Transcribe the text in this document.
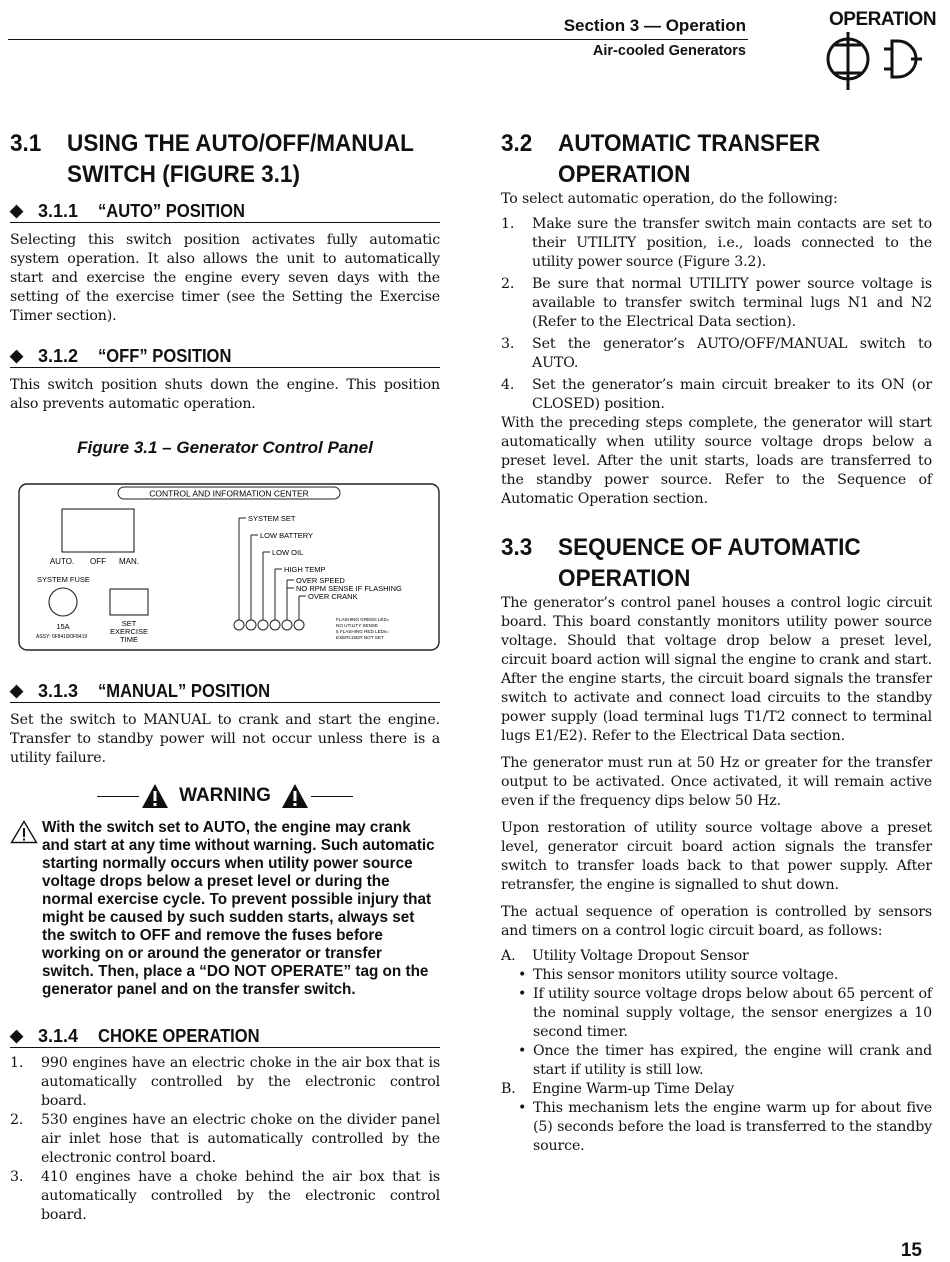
Section 3 — Operation
Air-cooled Generators
OPERATION
3.1	USING THE AUTO/OFF/MANUAL
SWITCH (FIGURE 3.1)
◆ 3.1.1	“AUTO” POSITION

Selecting this switch position activates fully automatic system operation. It also allows the unit to automatically start and exercise the engine every seven days with the setting of the exercise timer (see the Setting the Exercise Timer section).

◆ 3.1.2	“OFF” POSITION

This switch position shuts down the engine. This position also prevents automatic operation.

Figure 3.1 – Generator Control Panel
CONTROL AND INFORMATION CENTER
AUTO. OFF MAN.
SYSTEM FUSE
15A
ASSY: 0F8418/0F8419
SET
EXERCISE
TIME
SYSTEM SET
LOW BATTERY
LOW OIL
HIGH TEMP
OVER SPEED
NO RPM SENSE IF FLASHING
OVER CRANK
FLASHING GREEN LED=
NO UTILITY SENSE
5 FLASHING RED LEDs=
EXERCISER NOT SET
◆ 3.1.3	“MANUAL” POSITION

Set the switch to MANUAL to crank and start the engine. Transfer to standby power will not occur unless there is a utility failure.

WARNING
With the switch set to AUTO, the engine may crank and start at any time without warning. Such automatic starting normally occurs when utility power source voltage drops below a preset level or during the normal exercise cycle. To prevent possible injury that might be caused by such sudden starts, always set the switch to OFF and remove the fuses before working on or around the generator or transfer switch. Then, place a “DO NOT OPERATE” tag on the generator panel and on the transfer switch.
◆ 3.1.4	CHOKE OPERATION
1.	990 engines have an electric choke in the air box that is automatically controlled by the electronic control board.
2.	530 engines have an electric choke on the divider panel air inlet hose that is automatically controlled by the electronic control board.
3.	410 engines have a choke behind the air box that is automatically controlled by the electronic control board.
3.2	AUTOMATIC TRANSFER
OPERATION

To select automatic operation, do the following:

1.	Make sure the transfer switch main contacts are set to their UTILITY position, i.e., loads connected to the utility power source (Figure 3.2).
2.	Be sure that normal UTILITY power source voltage is available to transfer switch terminal lugs N1 and N2 (Refer to the Electrical Data section).
3.	Set the generator’s AUTO/OFF/MANUAL switch to AUTO.
4.	Set the generator’s main circuit breaker to its ON (or CLOSED) position.

With the preceding steps complete, the generator will start automatically when utility source voltage drops below a preset level. After the unit starts, loads are transferred to the standby power source. Refer to the Sequence of Automatic Operation section.

3.3	SEQUENCE OF AUTOMATIC
OPERATION

The generator’s control panel houses a control logic circuit board. This board constantly monitors utility power source voltage. Should that voltage drop below a preset level, circuit board action will signal the engine to crank and start. After the engine starts, the circuit board signals the transfer switch to activate and connect load circuits to the standby power supply (load terminal lugs T1/T2 connect to terminal lugs E1/E2). Refer to the Electrical Data section.

The generator must run at 50 Hz or greater for the transfer output to be activated. Once activated, it will remain active even if the frequency dips below 50 Hz.

Upon restoration of utility source voltage above a preset level, generator circuit board action signals the transfer switch to transfer loads back to that power supply. After retransfer, the engine is signalled to shut down.

The actual sequence of operation is controlled by sensors and timers on a control logic circuit board, as follows:

A.	Utility Voltage Dropout Sensor
• This sensor monitors utility source voltage.
• If utility source voltage drops below about 65 percent of the nominal supply voltage, the sensor energizes a 10 second timer.
• Once the timer has expired, the engine will crank and start if utility is still low.
B.	Engine Warm-up Time Delay
• This mechanism lets the engine warm up for about five (5) seconds before the load is transferred to the standby source.
15
